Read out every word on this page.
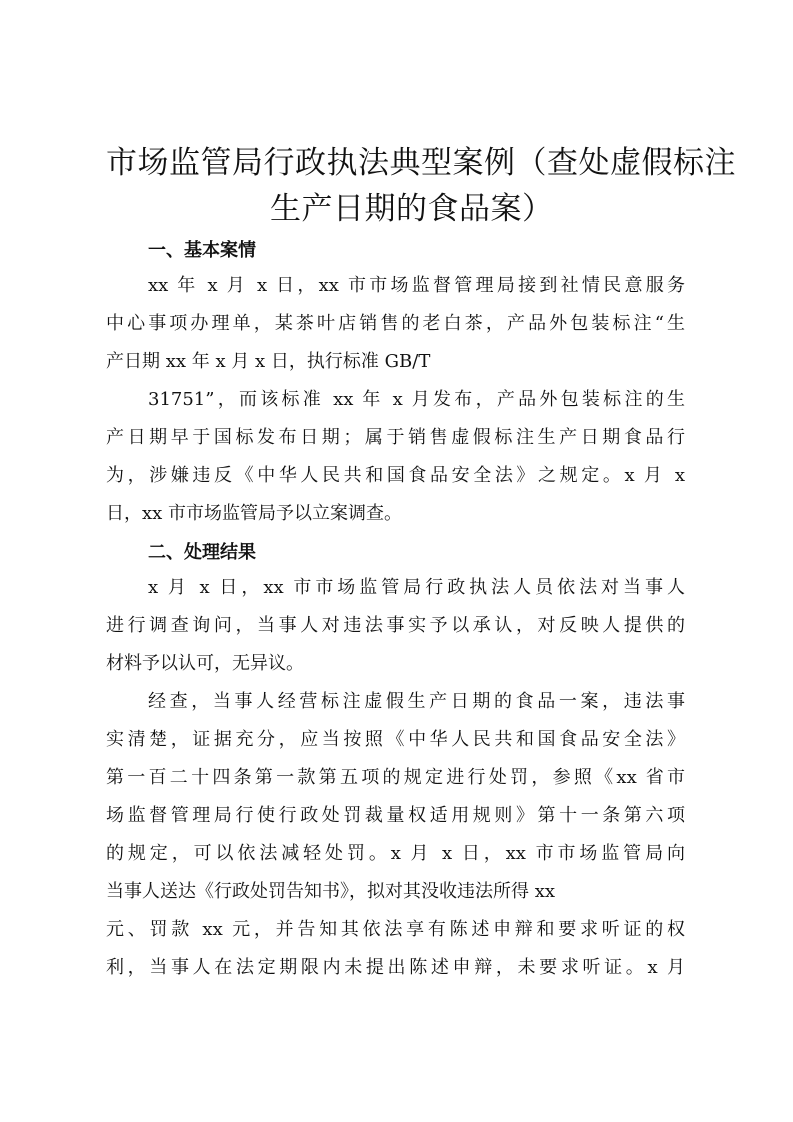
市场监管局行政执法典型案例（查处虚假标注
生产日期的食品案）
一、基本案情
xx 年 x 月 x 日，xx 市市场监督管理局接到社情民意服务
中心事项办理单，某茶叶店销售的老白茶，产品外包装标注“生
产日期 xx 年 x 月 x 日，执行标准 GB/T
31751”，而该标准 xx 年 x 月发布，产品外包装标注的生
产日期早于国标发布日期；属于销售虚假标注生产日期食品行
为，涉嫌违反《中华人民共和国食品安全法》之规定。x 月 x
日，xx 市市场监管局予以立案调查。
二、处理结果
x 月 x 日，xx 市市场监管局行政执法人员依法对当事人
进行调查询问，当事人对违法事实予以承认，对反映人提供的
材料予以认可，无异议。
经查，当事人经营标注虚假生产日期的食品一案，违法事
实清楚，证据充分，应当按照《中华人民共和国食品安全法》
第一百二十四条第一款第五项的规定进行处罚，参照《xx 省市
场监督管理局行使行政处罚裁量权适用规则》第十一条第六项
的规定，可以依法减轻处罚。x 月 x 日，xx 市市场监管局向
当事人送达《行政处罚告知书》，拟对其没收违法所得 xx
元、罚款 xx 元，并告知其依法享有陈述申辩和要求听证的权
利，当事人在法定期限内未提出陈述申辩，未要求听证。x 月
